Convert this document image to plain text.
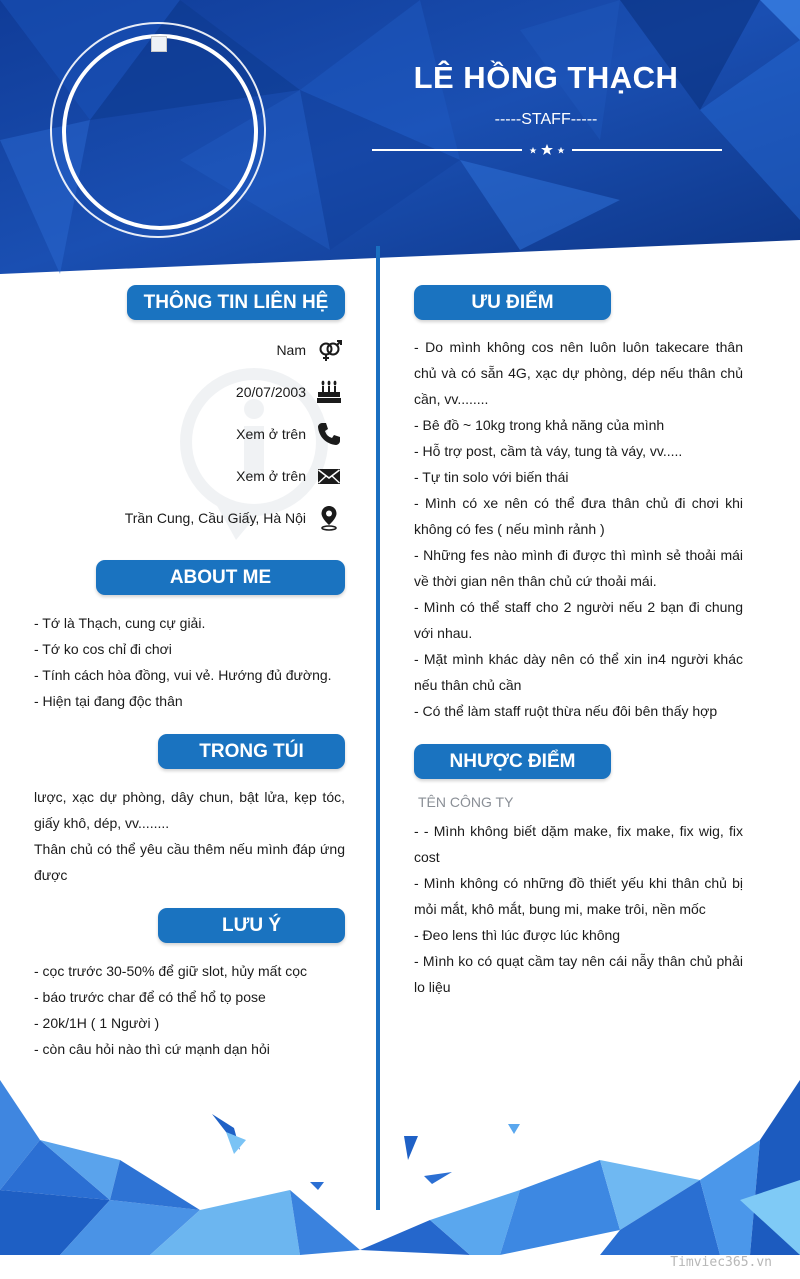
LÊ HỒNG THẠCH
-----STAFF-----
THÔNG TIN LIÊN HỆ
Nam
20/07/2003
Xem ở trên
Xem ở trên
Trần Cung, Cầu Giấy, Hà Nội
ABOUT ME

- Tớ là Thạch, cung cự giải.

- Tớ ko cos chỉ đi chơi

- Tính cách hòa đồng, vui vẻ. Hướng đủ đường.

- Hiện tại đang độc thân

TRONG TÚI

lược, xạc dự phòng, dây chun, bật lửa, kẹp tóc, giấy khô, dép, vv........

Thân chủ có thể yêu cầu thêm nếu mình đáp ứng được

LƯU Ý

- cọc trước 30-50% để giữ slot, hủy mất cọc

- báo trước char để có thể hổ tọ pose

- 20k/1H ( 1 Người )

- còn câu hỏi nào thì cứ mạnh dạn hỏi

ƯU ĐIỂM

- Do mình không cos nên luôn luôn takecare thân chủ và có sẵn 4G, xạc dự phòng, dép nếu thân chủ cần, vv........

- Bê đồ ~ 10kg trong khả năng của mình

- Hỗ trợ post, cầm tà váy, tung tà váy, vv.....

- Tự tin solo với biến thái

- Mình có xe nên có thể đưa thân chủ đi chơi khi không có fes ( nếu mình rảnh )

- Những fes nào mình đi được thì mình sẻ thoải mái về thời gian nên thân chủ cứ thoải mái.

- Mình có thể staff cho 2 người nếu 2 bạn đi chung với nhau.

- Mặt mình khác dày nên có thể xin in4 người khác nếu thân chủ cần

- Có thể làm staff ruột thừa nếu đôi bên thấy hợp

NHƯỢC ĐIỂM
TÊN CÔNG TY

- - Mình không biết dặm make, fix make, fix wig, fix cost

- Mình không có những đồ thiết yếu khi thân chủ bị mỏi mắt, khô mắt, bung mi, make trôi, nền mốc

- Đeo lens thì lúc được lúc không

- Mình ko có quạt cầm tay nên cái nẫy thân chủ phải lo liệu

Timviec365.vn
